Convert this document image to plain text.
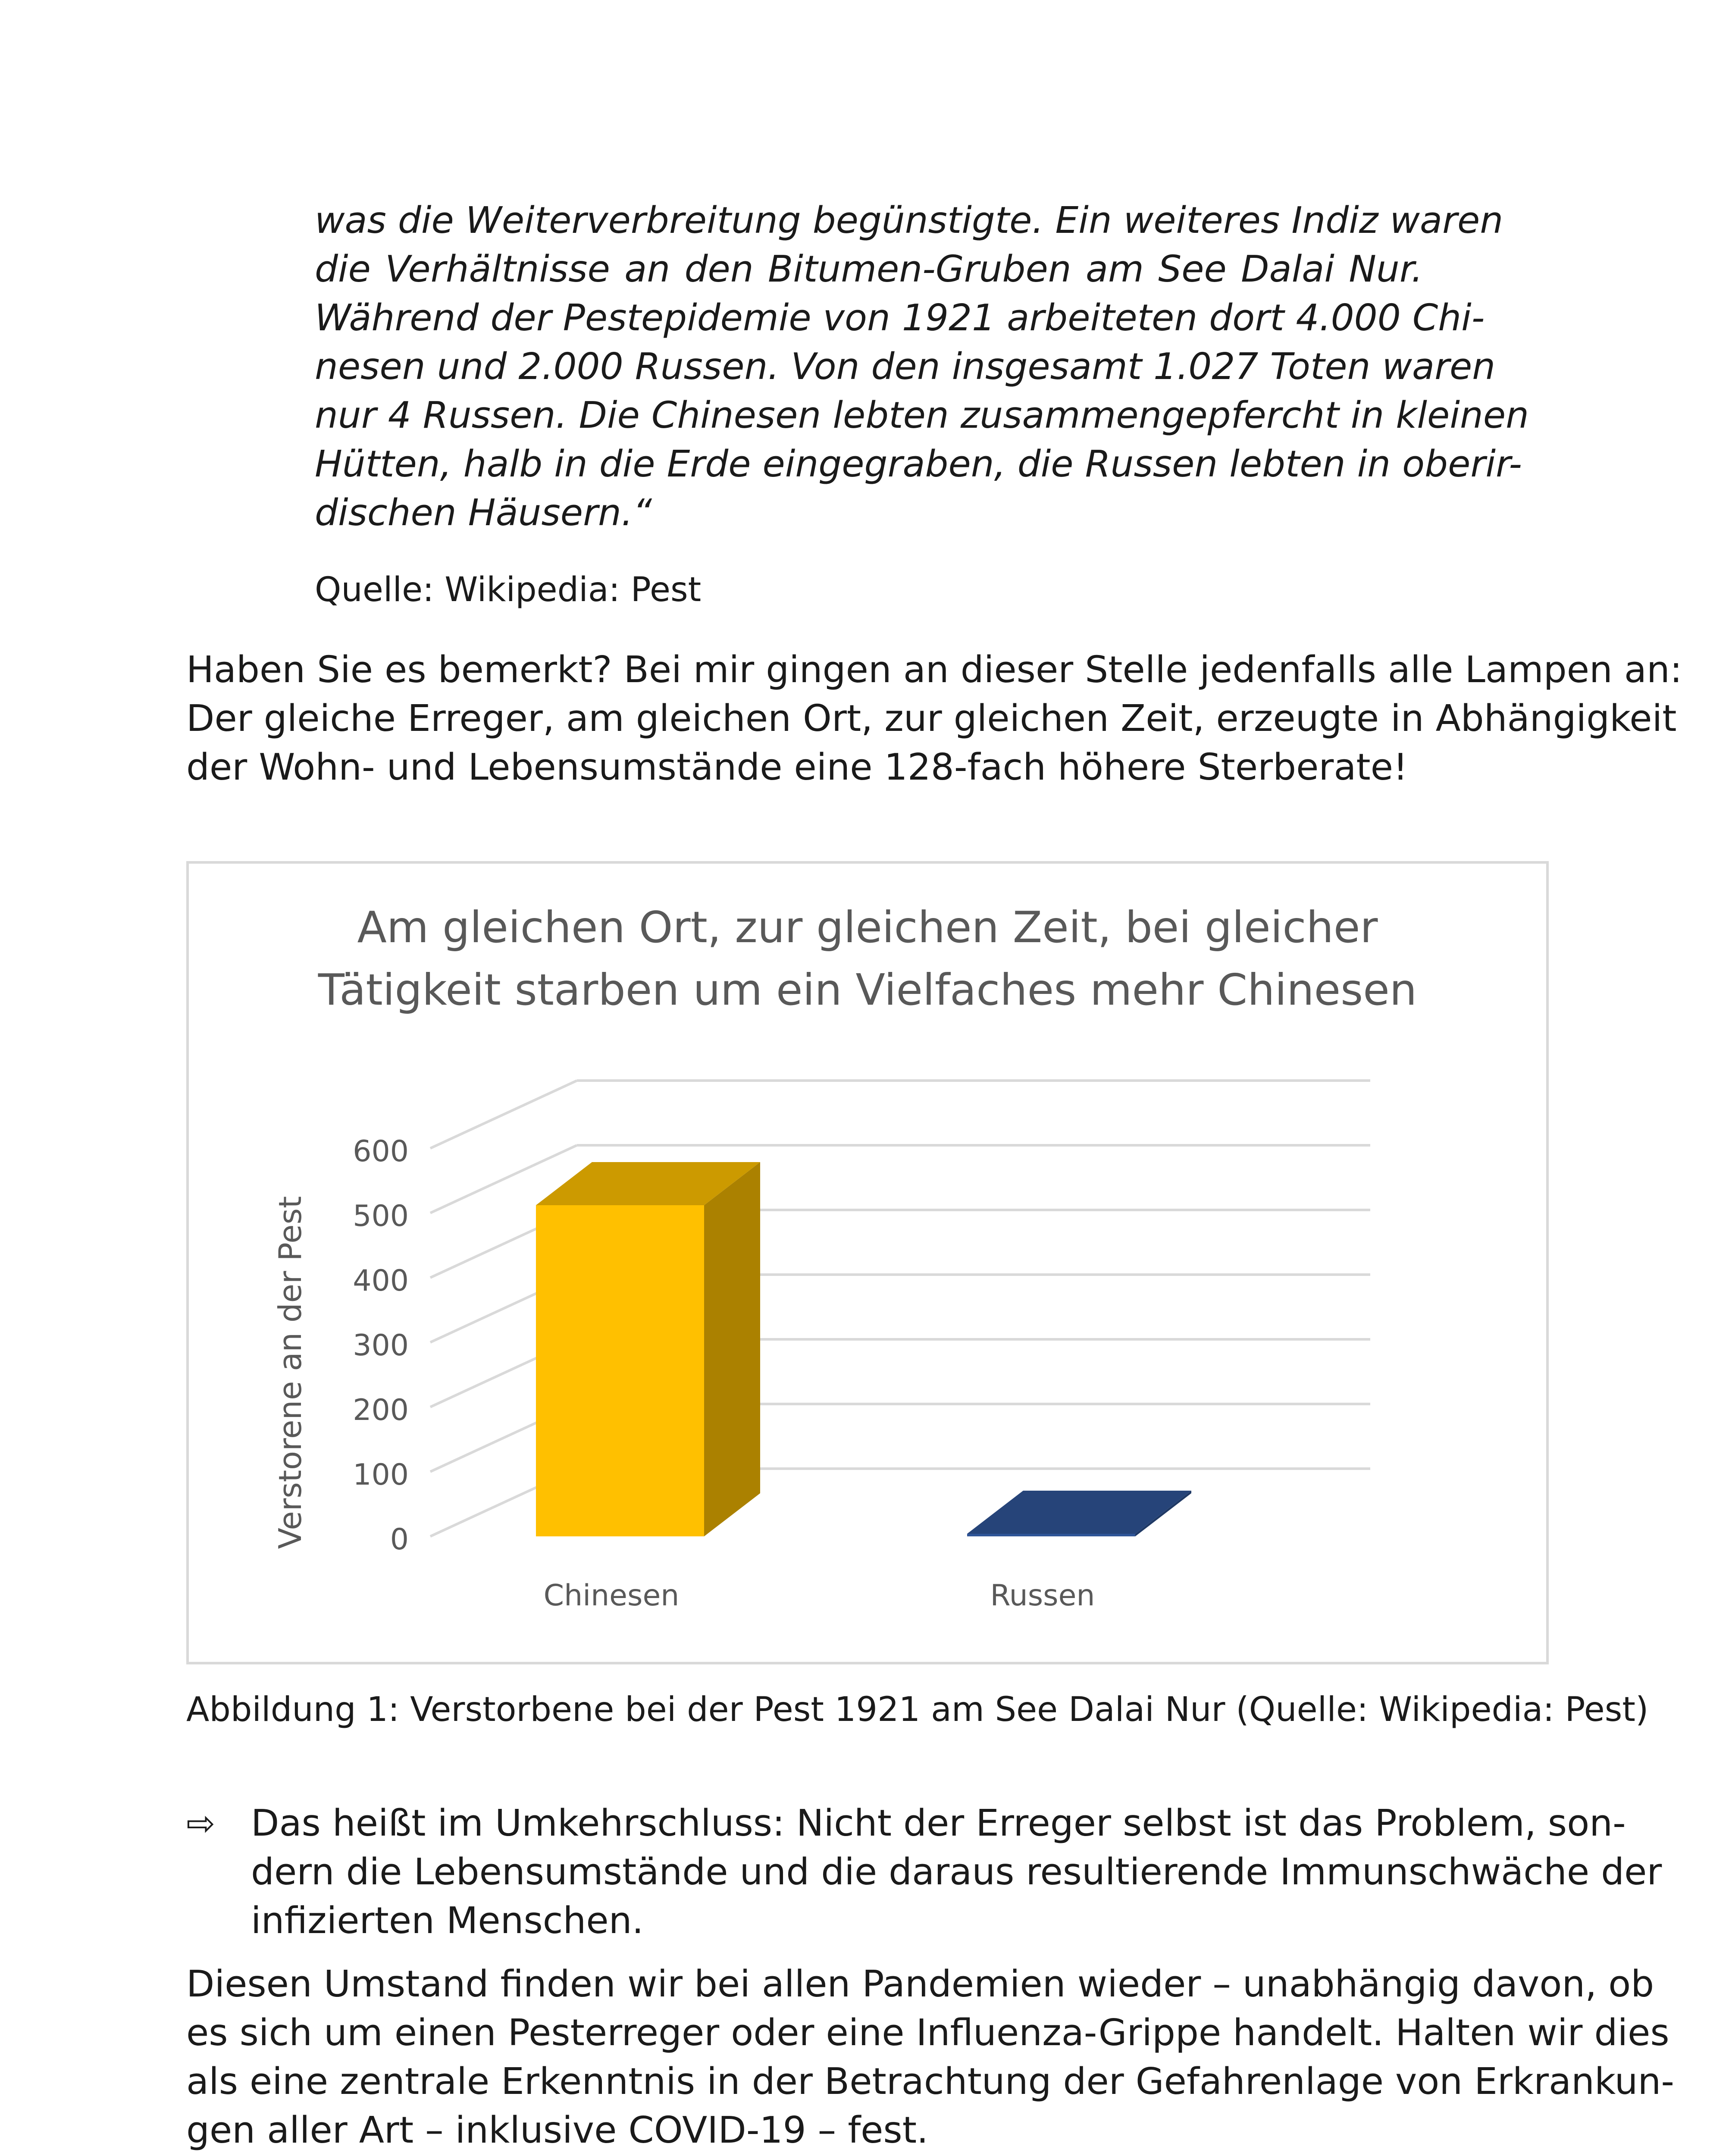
was die Weiterverbreitung begünstigte. Ein weiteres Indiz waren
die Verhältnisse an den Bitumen-Gruben am See Dalai Nur.
Während der Pestepidemie von 1921 arbeiteten dort 4.000 Chi-
nesen und 2.000 Russen. Von den insgesamt 1.027 Toten waren
nur 4 Russen. Die Chinesen lebten zusammengepfercht in kleinen
Hütten, halb in die Erde eingegraben, die Russen lebten in oberir-
dischen Häusern.“
Quelle: Wikipedia: Pest
Haben Sie es bemerkt? Bei mir gingen an dieser Stelle jedenfalls alle Lampen an:
Der gleiche Erreger, am gleichen Ort, zur gleichen Zeit, erzeugte in Abhängigkeit
der Wohn- und Lebensumstände eine 128-fach höhere Sterberate!
Am gleichen Ort, zur gleichen Zeit, bei gleicher
Tätigkeit starben um ein Vielfaches mehr Chinesen
0
100
200
300
400
500
600
Verstorene an der Pest
Chinesen	Russen
Abbildung 1: Verstorbene bei der Pest 1921 am See Dalai Nur (Quelle: Wikipedia: Pest)
⇨ Das heißt im Umkehrschluss: Nicht der Erreger selbst ist das Problem, son-
dern die Lebensumstände und die daraus resultierende Immunschwäche der
infizierten Menschen.
Diesen Umstand finden wir bei allen Pandemien wieder – unabhängig davon, ob
es sich um einen Pesterreger oder eine Influenza-Grippe handelt. Halten wir dies
als eine zentrale Erkenntnis in der Betrachtung der Gefahrenlage von Erkrankun-
gen aller Art – inklusive COVID-19 – fest.
